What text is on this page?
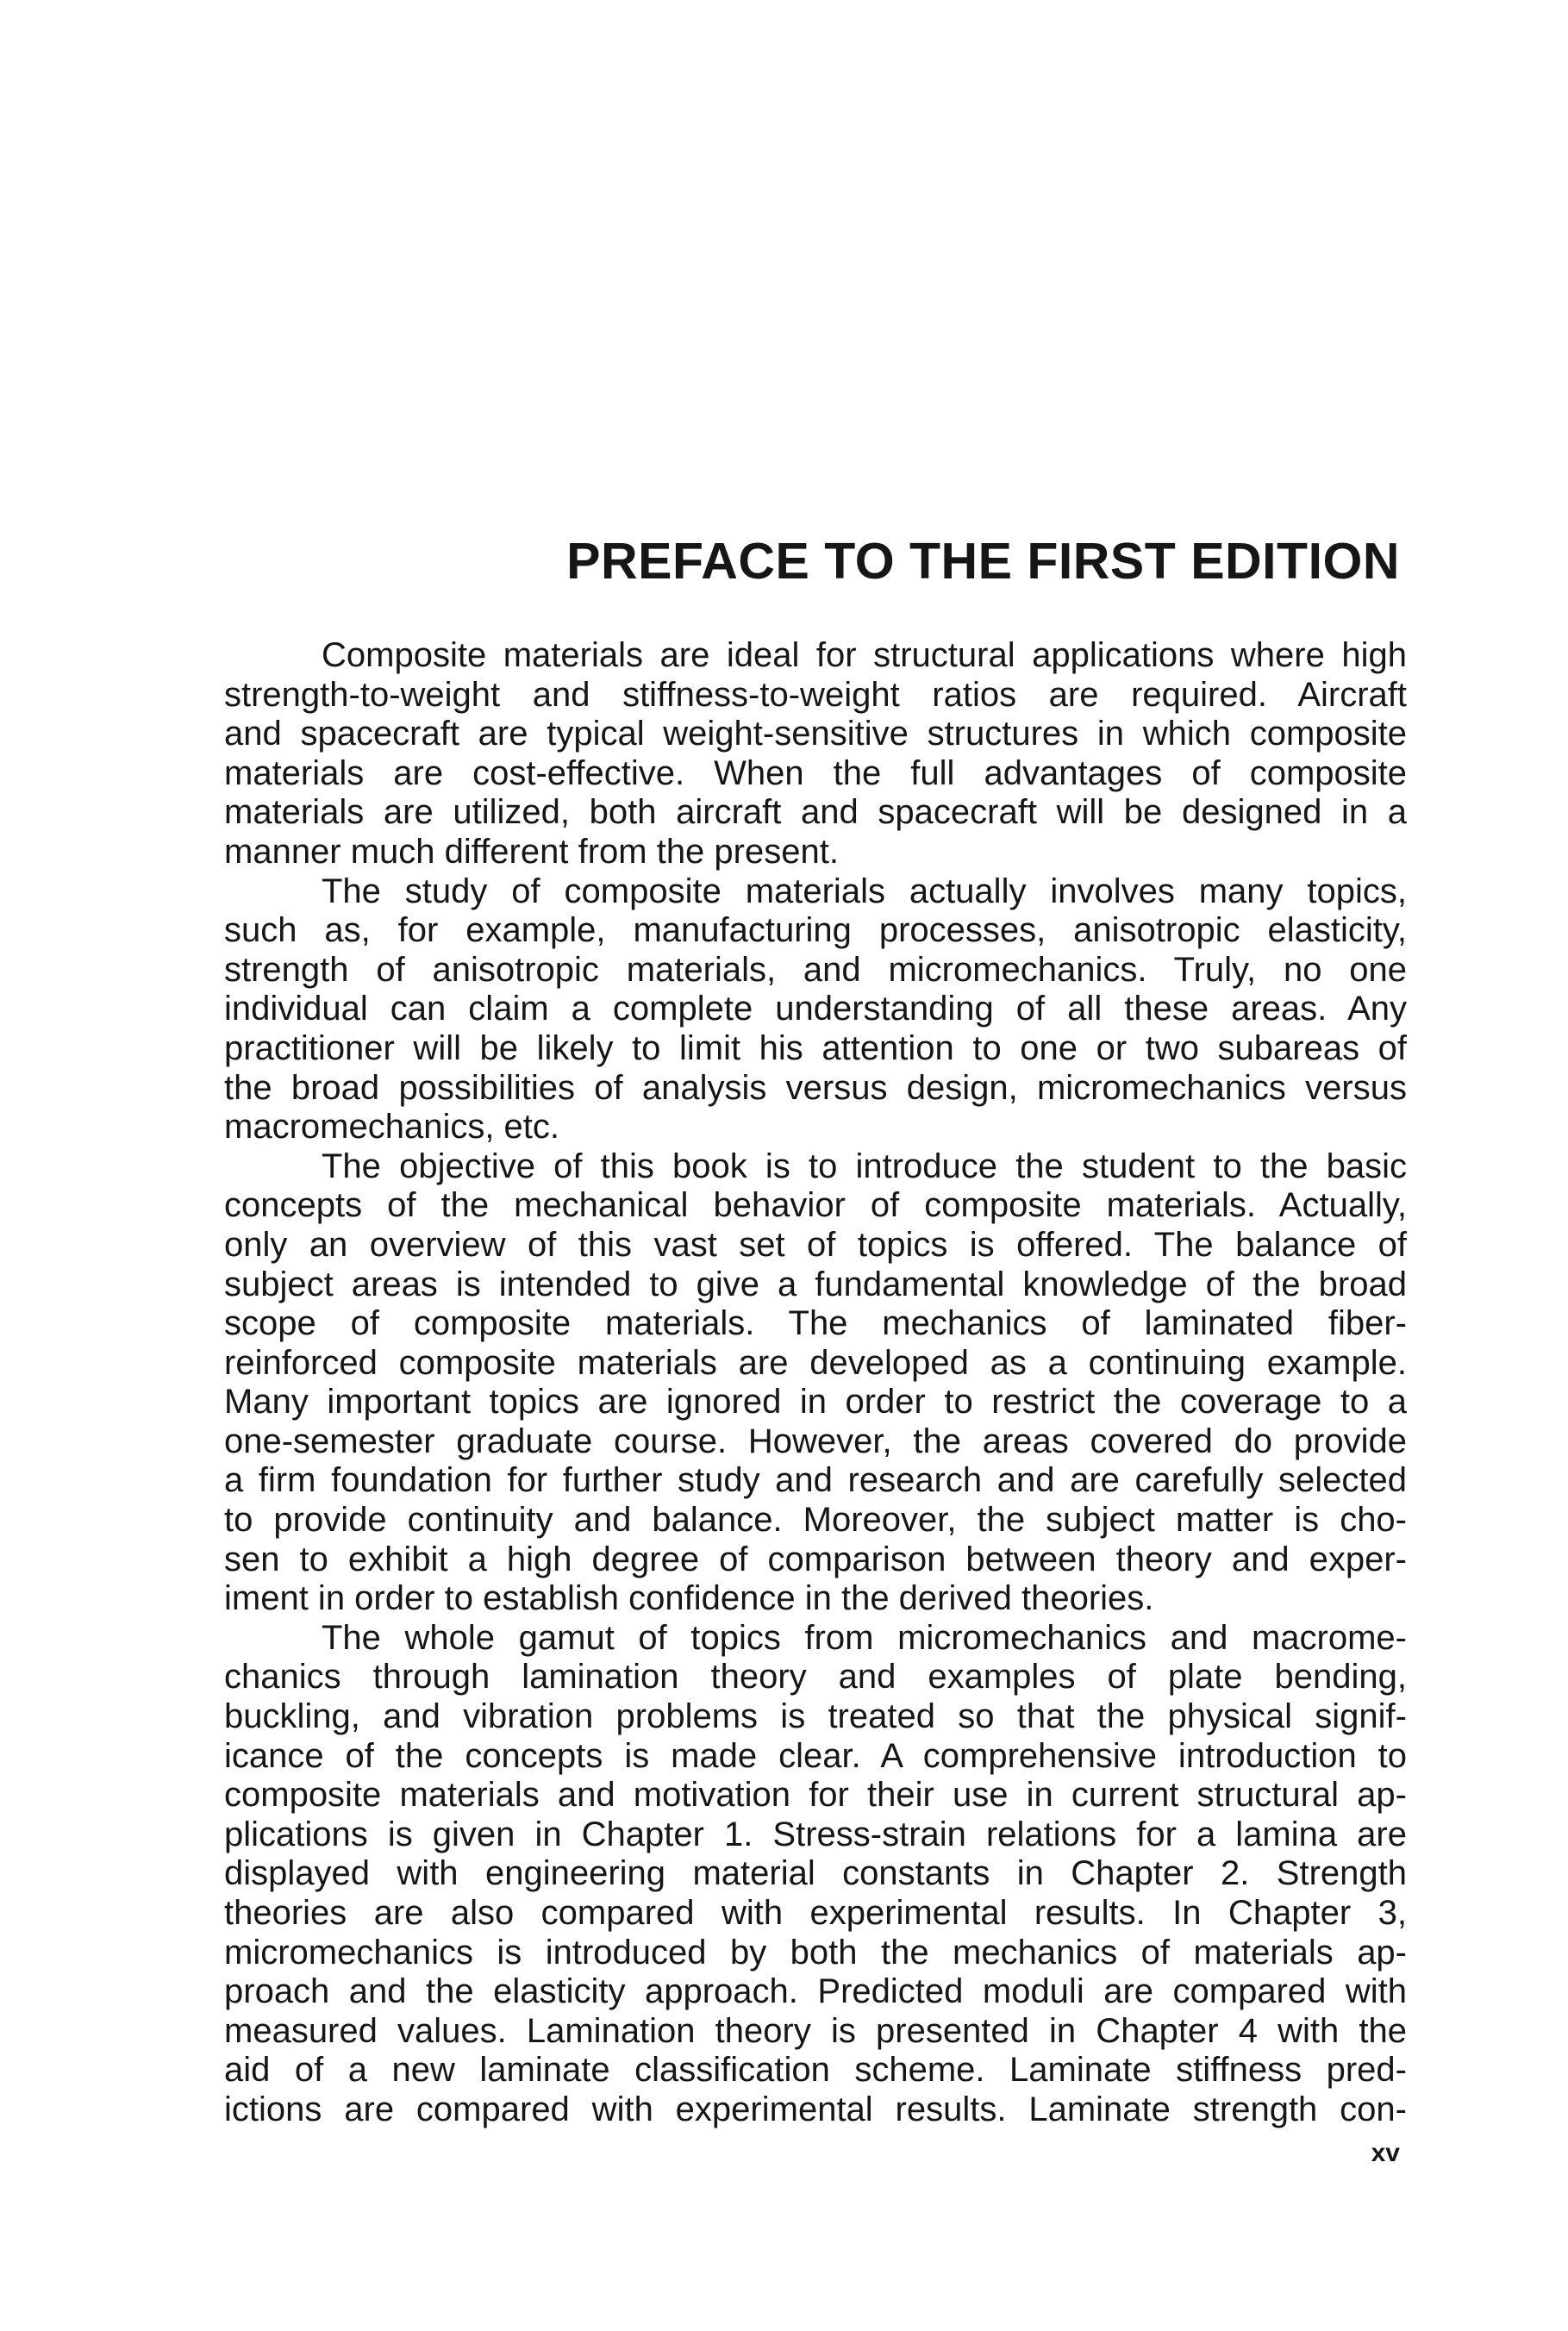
PREFACE TO THE FIRST EDITION
Composite materials are ideal for structural applications where high
strength-to-weight and stiffness-to-weight ratios are required. Aircraft
and spacecraft are typical weight-sensitive structures in which composite
materials are cost-effective. When the full advantages of composite
materials are utilized, both aircraft and spacecraft will be designed in a
manner much different from the present.
The study of composite materials actually involves many topics,
such as, for example, manufacturing processes, anisotropic elasticity,
strength of anisotropic materials, and micromechanics. Truly, no one
individual can claim a complete understanding of all these areas. Any
practitioner will be likely to limit his attention to one or two subareas of
the broad possibilities of analysis versus design, micromechanics versus
macromechanics, etc.
The objective of this book is to introduce the student to the basic
concepts of the mechanical behavior of composite materials. Actually,
only an overview of this vast set of topics is offered. The balance of
subject areas is intended to give a fundamental knowledge of the broad
scope of composite materials. The mechanics of laminated fiber-
reinforced composite materials are developed as a continuing example.
Many important topics are ignored in order to restrict the coverage to a
one-semester graduate course. However, the areas covered do provide
a firm foundation for further study and research and are carefully selected
to provide continuity and balance. Moreover, the subject matter is cho-
sen to exhibit a high degree of comparison between theory and exper-
iment in order to establish confidence in the derived theories.
The whole gamut of topics from micromechanics and macrome-
chanics through lamination theory and examples of plate bending,
buckling, and vibration problems is treated so that the physical signif-
icance of the concepts is made clear. A comprehensive introduction to
composite materials and motivation for their use in current structural ap-
plications is given in Chapter 1. Stress-strain relations for a lamina are
displayed with engineering material constants in Chapter 2. Strength
theories are also compared with experimental results. In Chapter 3,
micromechanics is introduced by both the mechanics of materials ap-
proach and the elasticity approach. Predicted moduli are compared with
measured values. Lamination theory is presented in Chapter 4 with the
aid of a new laminate classification scheme. Laminate stiffness pred-
ictions are compared with experimental results. Laminate strength con-
xv
